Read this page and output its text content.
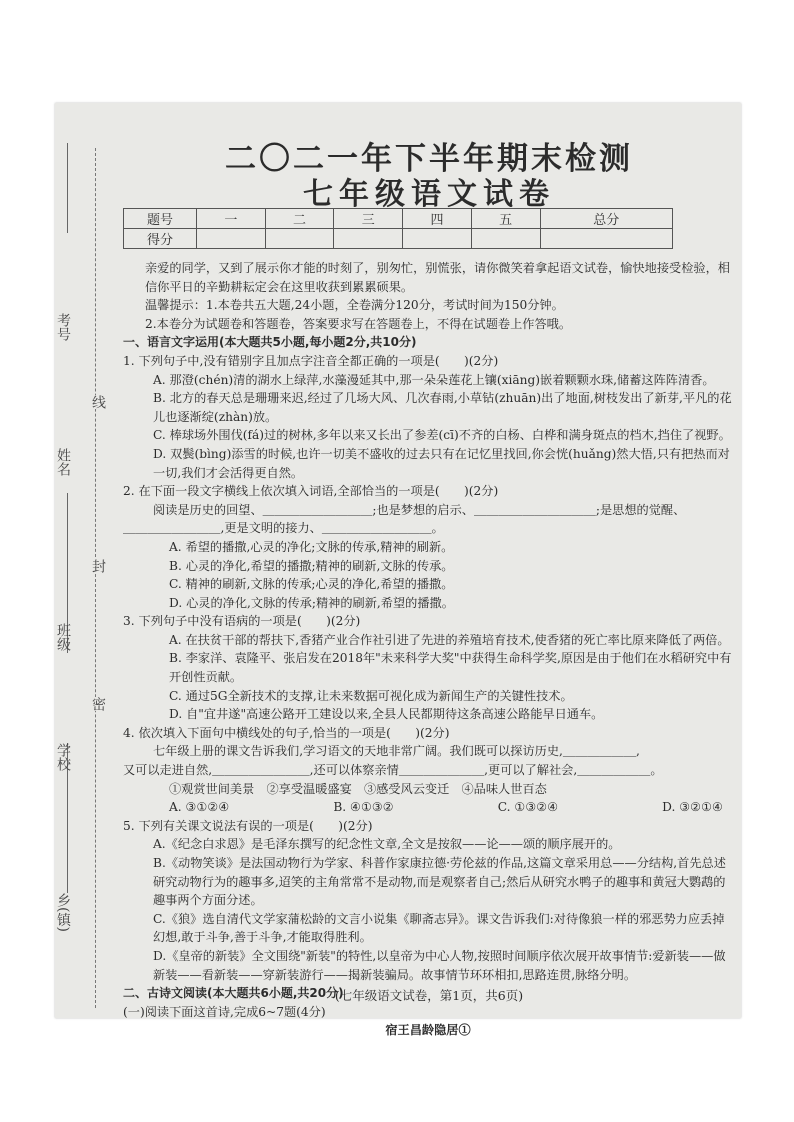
考号
姓名
班级
学校
乡(镇)
线
封
密
二〇二一年下半年期末检测
七年级语文试卷
题号	一	二	三	四	五	总分
得分						

亲爱的同学，又到了展示你才能的时刻了，别匆忙，别慌张，请你微笑着拿起语文试卷，愉快地接受检验，相信你平日的辛勤耕耘定会在这里收获到累累硕果。

温馨提示：1.本卷共五大题,24小题，全卷满分120分，考试时间为150分钟。

2.本卷分为试题卷和答题卷，答案要求写在答题卷上，不得在试题卷上作答哦。

一、语言文字运用(本大题共5小题,每小题2分,共10分)

1. 下列句子中,没有错别字且加点字注音全都正确的一项是(　　)(2分)

A. 那澄(chén)清的湖水上绿萍,水藻漫延其中,那一朵朵莲花上镶(xiāng)嵌着颗颗水珠,储蓄这阵阵清香。

B. 北方的春天总是珊珊来迟,经过了几场大风、几次春雨,小草钻(zhuān)出了地面,树枝发出了新芽,平凡的花儿也逐渐绽(zhàn)放。

C. 棒球场外围伐(fá)过的树林,多年以来又长出了参差(cī)不齐的白杨、白桦和满身斑点的档木,挡住了视野。

D. 双鬓(bìng)添雪的时候,也许一切美不盛收的过去只有在记忆里找回,你会恍(huǎng)然大悟,只有把热而对一切,我们才会活得更自然。

2. 在下面一段文字横线上依次填入词语,全部恰当的一项是(　　)(2分)

阅读是历史的回望、＿＿＿＿＿＿＿＿＿;也是梦想的启示、＿＿＿＿＿＿＿＿＿＿;是思想的觉醒、

＿＿＿＿＿＿＿＿,更是文明的接力、＿＿＿＿＿＿＿＿＿。

A. 希望的播撒,心灵的净化;文脉的传承,精神的刷新。

B. 心灵的净化,希望的播撒;精神的刷新,文脉的传承。

C. 精神的刷新,文脉的传承;心灵的净化,希望的播撒。

D. 心灵的净化,文脉的传承;精神的刷新,希望的播撒。

3. 下列句子中没有语病的一项是(　　)(2分)

A. 在扶贫干部的帮扶下,香猪产业合作社引进了先进的养殖培育技术,使香猪的死亡率比原来降低了两倍。

B. 李家洋、袁隆平、张启发在2018年"未来科学大奖"中获得生命科学奖,原因是由于他们在水稻研究中有开创性贡献。

C. 通过5G全新技术的支撑,让未来数据可视化成为新闻生产的关键性技术。

D. 自"宜井遂"高速公路开工建设以来,全县人民都期待这条高速公路能早日通车。

4. 依次填入下面句中横线处的句子,恰当的一项是(　　)(2分)

七年级上册的课文告诉我们,学习语文的天地非常广阔。我们既可以探访历史,＿＿＿＿＿＿,

又可以走进自然,＿＿＿＿＿＿＿＿,还可以体察亲情＿＿＿＿＿＿＿,更可以了解社会,＿＿＿＿＿＿。

①观赏世间美景　②享受温暖盛宴　③感受风云变迁　④品味人世百态

A. ③①②④	B. ④①③②	C. ①③②④	D. ③②①④

5. 下列有关课文说法有误的一项是(　　)(2分)

A.《纪念白求恩》是毛泽东撰写的纪念性文章,全文是按叙——论——颂的顺序展开的。

B.《动物笑谈》是法国动物行为学家、科普作家康拉德·劳伦兹的作品,这篇文章采用总——分结构,首先总述研究动物行为的趣事多,迢笑的主角常常不是动物,而是观察者自己;然后从研究水鸭子的趣事和黄冠大鹦鹉的趣事两个方面分述。

C.《狼》选自清代文学家蒲松龄的文言小说集《聊斋志异》。课文告诉我们:对待像狼一样的邪恶势力应丢掉幻想,敢于斗争,善于斗争,才能取得胜利。

D.《皇帝的新装》全文围绕"新装"的特性,以皇帝为中心人物,按照时间顺序依次展开故事情节:爱新装——做新装——看新装——穿新装游行——揭新装骗局。故事情节环环相扣,思路连贯,脉络分明。

二、古诗文阅读(本大题共6小题,共20分)

(一)阅读下面这首诗,完成6~7题(4分)

宿王昌龄隐居①

(七年级语文试卷，第1页，共6页)
